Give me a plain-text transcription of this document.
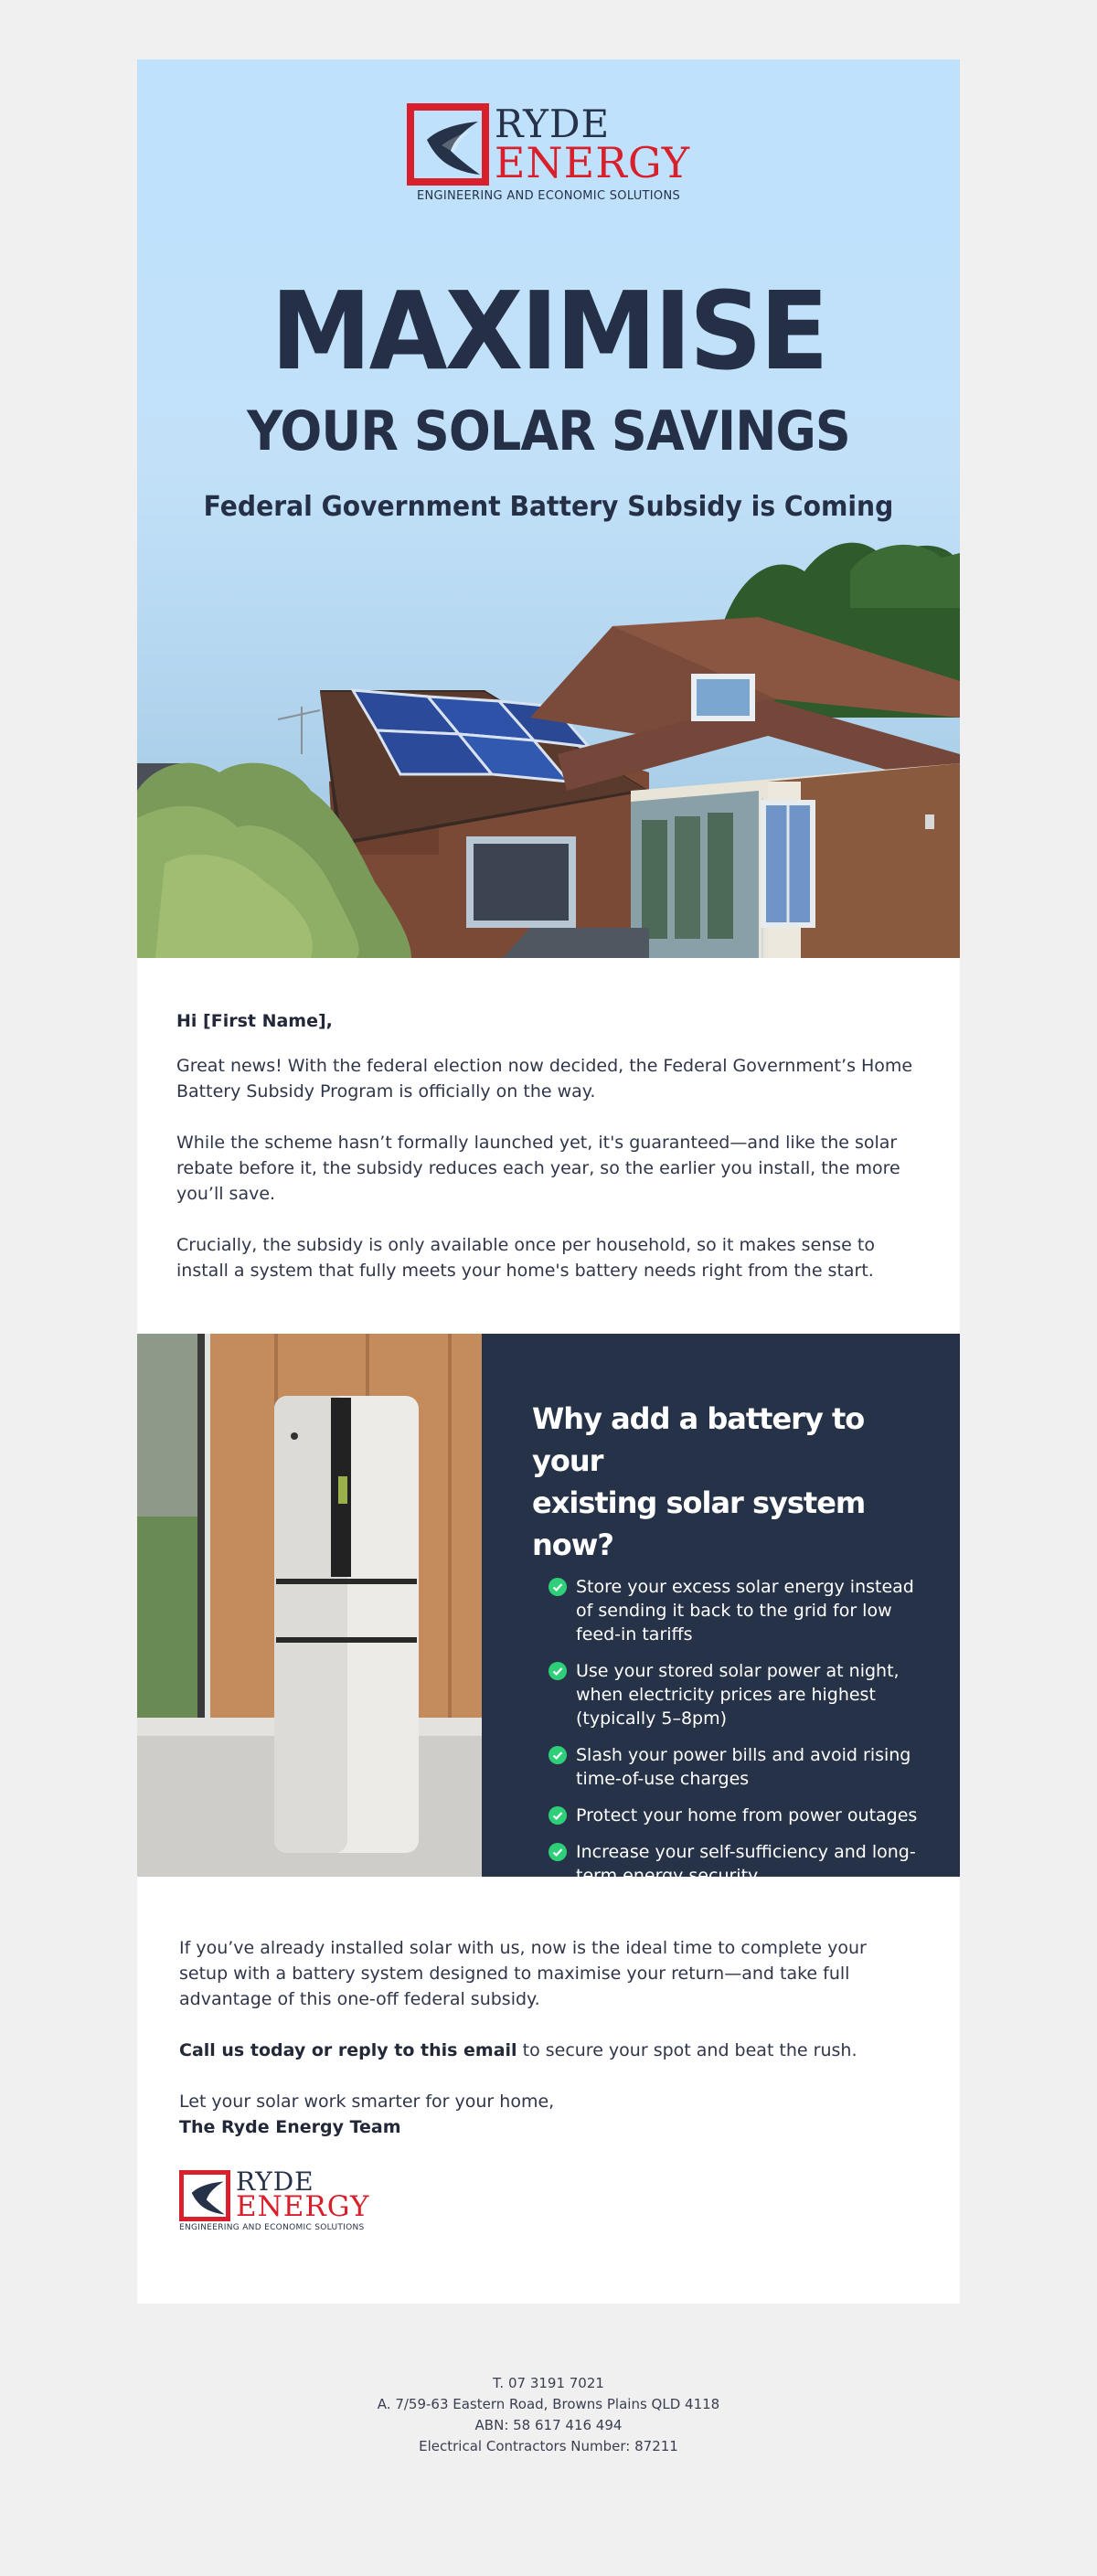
RYDE
ENERGY
ENGINEERING AND ECONOMIC SOLUTIONS
MAXIMISE
YOUR SOLAR SAVINGS
Federal Government Battery Subsidy is Coming

Hi [First Name],

Great news! With the federal election now decided, the Federal Government’s Home Battery Subsidy Program is officially on the way.

While the scheme hasn’t formally launched yet, it's guaranteed—and like the solar rebate before it, the subsidy reduces each year, so the earlier you install, the more you’ll save.

Crucially, the subsidy is only available once per household, so it makes sense to install a system that fully meets your home's battery needs right from the start.

Why add a battery to your
existing solar system now?
Store your excess solar energy instead of sending it back to the grid for low feed-in tariffs
Use your stored solar power at night, when electricity prices are highest (typically 5–8pm)
Slash your power bills and avoid rising time-of-use charges
Protect your home from power outages
Increase your self-sufficiency and long-term energy security

If you’ve already installed solar with us, now is the ideal time to complete your setup with a battery system designed to maximise your return—and take full advantage of this one-off federal subsidy.

Call us today or reply to this email to secure your spot and beat the rush.

Let your solar work smarter for your home,

The Ryde Energy Team

RYDE
ENERGY
ENGINEERING AND ECONOMIC SOLUTIONS
T. 07 3191 7021
A. 7/59-63 Eastern Road, Browns Plains QLD 4118
ABN: 58 617 416 494
Electrical Contractors Number: 87211
